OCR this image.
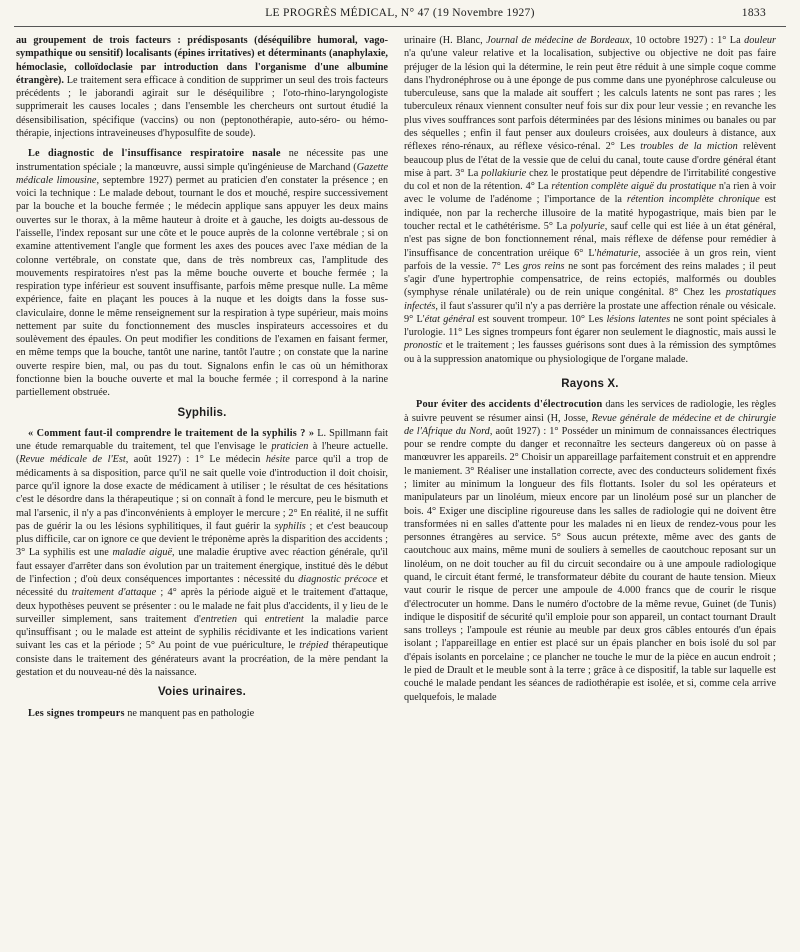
LE PROGRÈS MÉDICAL, N° 47 (19 Novembre 1927)	1833

au groupement de trois facteurs : prédisposants (déséquilibre humoral, vago-sympathique ou sensitif) localisants (épines irritatives) et déterminants (anaphylaxie, hémoclasie, colloïdoclasie par introduction dans l'organisme d'une albumine étrangère). Le traitement sera efficace à condition de supprimer un seul des trois facteurs précédents ; le jaborandi agirait sur le déséquilibre ; l'oto-rhino-laryngologiste supprimerait les causes locales ; dans l'ensemble les chercheurs ont surtout étudié la désensibilisation, spécifique (vaccins) ou non (peptonothérapie, auto-séro- ou hémo-thérapie, injections intraveineuses d'hyposulfite de soude).

Le diagnostic de l'insuffisance respiratoire nasale ne nécessite pas une instrumentation spéciale ; la manœuvre, aussi simple qu'ingénieuse de Marchand (Gazette médicale limousine, septembre 1927) permet au praticien d'en constater la présence ; en voici la technique : Le malade debout, tournant le dos et mouché, respire successivement par la bouche et la bouche fermée ; le médecin applique sans appuyer les deux mains ouvertes sur le thorax, à la même hauteur à droite et à gauche, les doigts au-dessous de l'aisselle, l'index reposant sur une côte et le pouce auprès de la colonne vertébrale ; si on examine attentivement l'angle que forment les axes des pouces avec l'axe médian de la colonne vertébrale, on constate que, dans de très nombreux cas, l'amplitude des mouvements respiratoires n'est pas la même bouche ouverte et bouche fermée ; la respiration type inférieur est souvent insuffisante, parfois même presque nulle. La même expérience, faite en plaçant les pouces à la nuque et les doigts dans la fosse sus-claviculaire, donne le même renseignement sur la respiration à type supérieur, mais moins nettement par suite du fonctionnement des muscles inspirateurs accessoires et du soulèvement des épaules. On peut modifier les conditions de l'examen en faisant fermer, en même temps que la bouche, tantôt une narine, tantôt l'autre ; on constate que la narine ouverte respire bien, mal, ou pas du tout. Signalons enfin le cas où un hémithorax fonctionne bien la bouche ouverte et mal la bouche fermée ; il correspond à la narine partiellement obstruée.

Syphilis.

« Comment faut-il comprendre le traitement de la syphilis ? » L. Spillmann fait une étude remarquable du traitement, tel que l'envisage le praticien à l'heure actuelle. (Revue médicale de l'Est, août 1927) : 1° Le médecin hésite parce qu'il a trop de médicaments à sa disposition, parce qu'il ne sait quelle voie d'introduction il doit choisir, parce qu'il ignore la dose exacte de médicament à utiliser ; le résultat de ces hésitations c'est le désordre dans la thérapeutique ; si on connaît à fond le mercure, peu le bismuth et mal l'arsenic, il n'y a pas d'inconvénients à employer le mercure ; 2° En réalité, il ne suffit pas de guérir la ou les lésions syphilitiques, il faut guérir la syphilis ; et c'est beaucoup plus difficile, car on ignore ce que devient le tréponème après la disparition des accidents ; 3° La syphilis est une maladie aiguë, une maladie éruptive avec réaction générale, qu'il faut essayer d'arrêter dans son évolution par un traitement énergique, institué dès le début de l'infection ; d'où deux conséquences importantes : nécessité du diagnostic précoce et nécessité du traitement d'attaque ; 4° après la période aiguë et le traitement d'attaque, deux hypothèses peuvent se présenter : ou le malade ne fait plus d'accidents, il y lieu de le surveiller simplement, sans traitement d'entretien qui entretient la maladie parce qu'insuffisant ; ou le malade est atteint de syphilis récidivante et les indications varient suivant les cas et la période ; 5° Au point de vue puériculture, le trépied thérapeutique consiste dans le traitement des générateurs avant la procréation, de la mère pendant la gestation et du nouveau-né dès la naissance.

Voies urinaires.

Les signes trompeurs ne manquent pas en pathologie

urinaire (H. Blanc, Journal de médecine de Bordeaux, 10 octobre 1927) : 1° La douleur n'a qu'une valeur relative et la localisation, subjective ou objective ne doit pas faire préjuger de la lésion qui la détermine, le rein peut être réduit à une simple coque comme dans l'hydronéphrose ou à une éponge de pus comme dans une pyonéphrose calculeuse ou tuberculeuse, sans que la malade ait souffert ; les calculs latents ne sont pas rares ; les tuberculeux rénaux viennent consulter neuf fois sur dix pour leur vessie ; en revanche les plus vives souffrances sont parfois déterminées par des lésions minimes ou banales ou par des séquelles ; enfin il faut penser aux douleurs croisées, aux douleurs à distance, aux réflexes réno-rénaux, au réflexe vésico-rénal. 2° Les troubles de la miction relèvent beaucoup plus de l'état de la vessie que de celui du canal, toute cause d'ordre général étant mise à part. 3° La pollakiurie chez le prostatique peut dépendre de l'irritabilité congestive du col et non de la rétention. 4° La rétention complète aiguë du prostatique n'a rien à voir avec le volume de l'adénome ; l'importance de la rétention incomplète chronique est indiquée, non par la recherche illusoire de la matité hypogastrique, mais bien par le toucher rectal et le cathétérisme. 5° La polyurie, sauf celle qui est liée à un état général, n'est pas signe de bon fonctionnement rénal, mais réflexe de défense pour remédier à l'insuffisance de concentration uréique 6° L'hématurie, associée à un gros rein, vient parfois de la vessie. 7° Les gros reins ne sont pas forcément des reins malades ; il peut s'agir d'une hypertrophie compensatrice, de reins ectopiés, malformés ou doubles (symphyse rénale unilatérale) ou de rein unique congénital. 8° Chez les prostatiques infectés, il faut s'assurer qu'il n'y a pas derrière la prostate une affection rénale ou vésicale. 9° L'état général est souvent trompeur. 10° Les lésions latentes ne sont point spéciales à l'urologie. 11° Les signes trompeurs font égarer non seulement le diagnostic, mais aussi le pronostic et le traitement ; les fausses guérisons sont dues à la rémission des symptômes ou à la suppression anatomique ou physiologique de l'organe malade.

Rayons X.

Pour éviter des accidents d'électrocution dans les services de radiologie, les règles à suivre peuvent se résumer ainsi (H, Josse, Revue générale de médecine et de chirurgie de l'Afrique du Nord, août 1927) : 1° Posséder un minimum de connaissances électriques pour se rendre compte du danger et reconnaître les secteurs dangereux où on passe à manœuvrer les appareils. 2° Choisir un appareillage parfaitement construit et en apprendre le maniement. 3° Réaliser une installation correcte, avec des conducteurs solidement fixés ; limiter au minimum la longueur des fils flottants. Isoler du sol les opérateurs et manipulateurs par un linoléum, mieux encore par un linoléum posé sur un plancher de bois. 4° Exiger une discipline rigoureuse dans les salles de radiologie qui ne doivent être transformées ni en salles d'attente pour les malades ni en lieux de rendez-vous pour les personnes étrangères au service. 5° Sous aucun prétexte, même avec des gants de caoutchouc aux mains, même muni de souliers à semelles de caoutchouc reposant sur un linoléum, on ne doit toucher au fil du circuit secondaire ou à une ampoule radiologique quand, le circuit étant fermé, le transformateur débite du courant de haute tension. Mieux vaut courir le risque de percer une ampoule de 4.000 francs que de courir le risque d'électrocuter un homme. Dans le numéro d'octobre de la même revue, Guinet (de Tunis) indique le dispositif de sécurité qu'il emploie pour son appareil, un contact tournant Drault sans trolleys ; l'ampoule est réunie au meuble par deux gros câbles entourés d'un épais isolant ; l'appareillage en entier est placé sur un épais plancher en bois isolé du sol par d'épais isolants en porcelaine ; ce plancher ne touche le mur de la pièce en aucun endroit ; le pied de Drault et le meuble sont à la terre ; grâce à ce dispositif, la table sur laquelle est couché le malade pendant les séances de radiothérapie est isolée, et si, comme cela arrive quelquefois, le malade
